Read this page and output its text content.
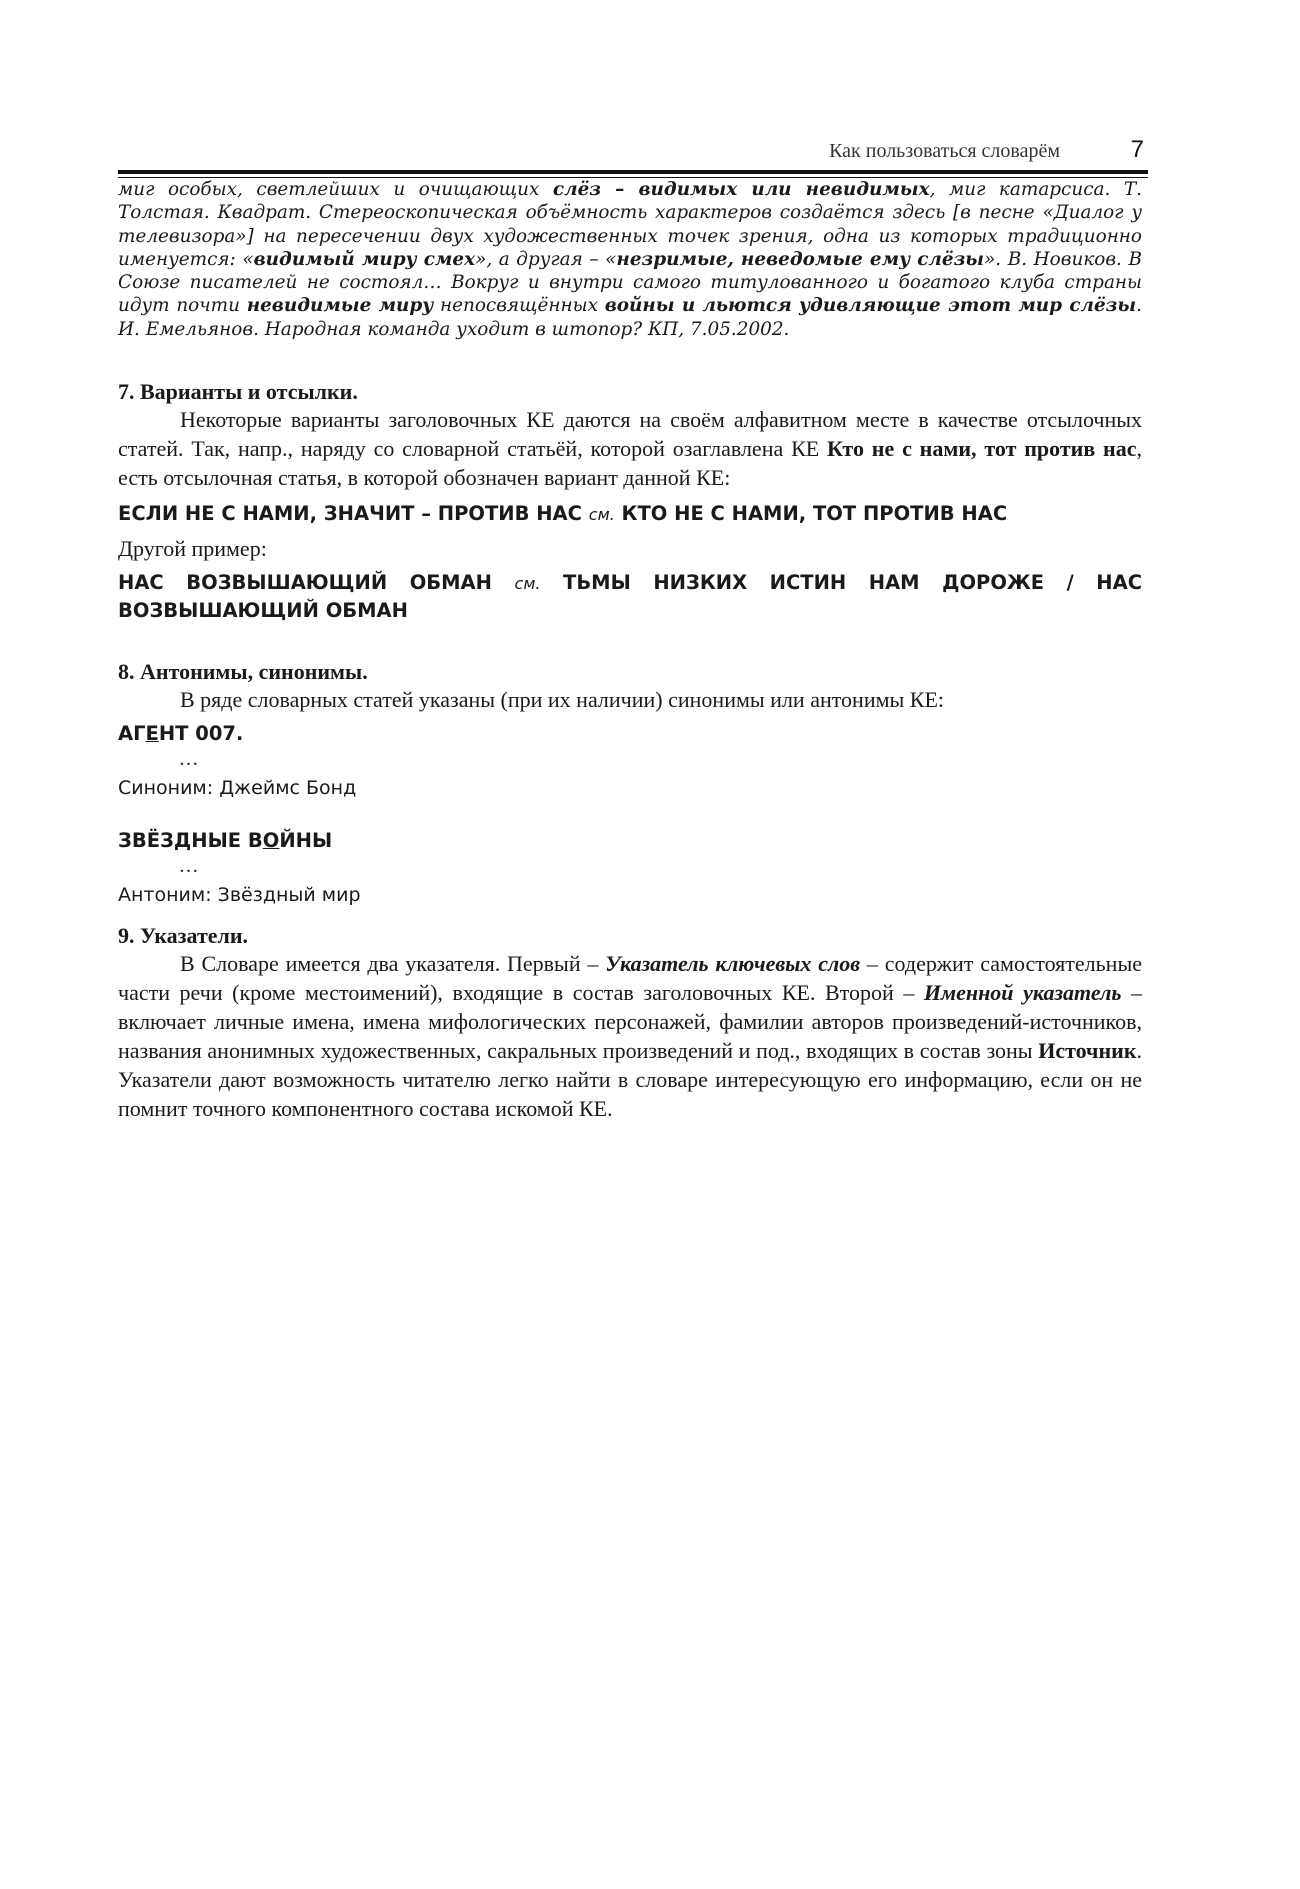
Как пользоваться словарём	7

миг особых, светлейших и очищающих слёз – видимых или невидимых, миг катарсиса. Т. Толстая. Квадрат. Стереоскопическая объёмность характеров создаётся здесь [в песне «Диалог у телевизора»] на пересечении двух художественных точек зрения, одна из которых традиционно именуется: «видимый миру смех», а другая – «незримые, неведомые ему слёзы». В. Новиков. В Союзе писателей не состоял… Вокруг и внутри самого титулованного и богатого клуба страны идут почти невидимые миру непосвящённых войны и льются удивляющие этот мир слёзы. И. Емельянов. Народная команда уходит в штопор? КП, 7.05.2002.

7. Варианты и отсылки.

Некоторые варианты заголовочных КЕ даются на своём алфавитном месте в качестве отсылочных статей. Так, напр., наряду со словарной статьёй, которой озаглавлена КЕ Кто не с нами, тот против нас, есть отсылочная статья, в которой обозначен вариант данной КЕ:

ЕСЛИ НЕ С НАМИ, ЗНАЧИТ – ПРОТИВ НАС см. КТО НЕ С НАМИ, ТОТ ПРОТИВ НАС

Другой пример:

НАС ВОЗВЫШАЮЩИЙ ОБМАН см. ТЬМЫ НИЗКИХ ИСТИН НАМ ДОРОЖЕ / НАС ВОЗВЫШАЮЩИЙ ОБМАН

8. Антонимы, синонимы.

В ряде словарных статей указаны (при их наличии) синонимы или антонимы КЕ:

АГЕНТ 007.

…

Синоним: Джеймс Бонд

ЗВЁЗДНЫЕ ВОЙНЫ

…

Антоним: Звёздный мир

9. Указатели.

В Словаре имеется два указателя. Первый – Указатель ключевых слов – содержит самостоятельные части речи (кроме местоимений), входящие в состав заголовочных КЕ. Второй – Именной указатель – включает личные имена, имена мифологических персонажей, фамилии авторов произведений-источников, названия анонимных художественных, сакральных произведений и под., входящих в состав зоны Источник. Указатели дают возможность читателю легко найти в словаре интересующую его информацию, если он не помнит точного компонентного состава искомой КЕ.
